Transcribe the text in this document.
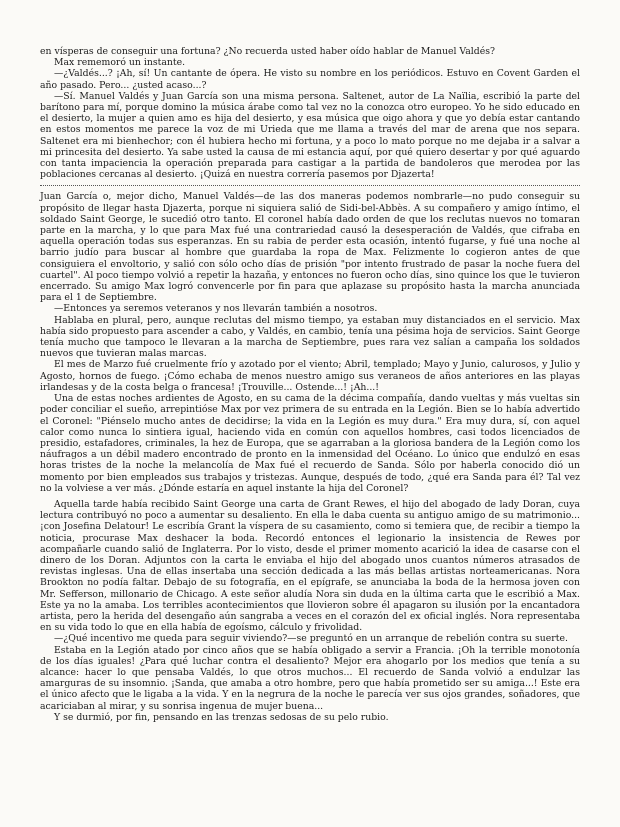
en vísperas de conseguir una fortuna? ¿No recuerda usted haber oído hablar de Manuel Valdés?

Max rememoró un instante.

—¿Valdés...? ¡Ah, sí! Un cantante de ópera. He visto su nombre en los periódicos. Estuvo en Covent Garden el año pasado. Pero... ¿usted acaso...?

—Sí. Manuel Valdés y Juan García son una misma persona. Saltenet, autor de La Naïlia, escribió la parte del barítono para mí, porque domino la música árabe como tal vez no la conozca otro europeo. Yo he sido educado en el desierto, la mujer a quien amo es hija del desierto, y esa música que oigo ahora y que yo debía estar cantando en estos momentos me parece la voz de mi Urieda que me llama a través del mar de arena que nos separa. Saltenet era mi bienhechor; con él hubiera hecho mi fortuna, y a poco lo mato porque no me dejaba ir a salvar a mi princesita del desierto. Ya sabe usted la causa de mi estancia aquí, por qué quiero desertar y por qué aguardo con tanta impaciencia la operación preparada para castigar a la partida de bandoleros que merodea por las poblaciones cercanas al desierto. ¡Quizá en nuestra correría pasemos por Djazerta!

Juan García o, mejor dicho, Manuel Valdés—de las dos maneras podemos nombrarle—no pudo conseguir su propósito de llegar hasta Djazerta, porque ni siquiera salió de Sidi-bel-Abbès. A su compañero y amigo íntimo, el soldado Saint George, le sucedió otro tanto. El coronel había dado orden de que los reclutas nuevos no tomaran parte en la marcha, y lo que para Max fué una contrariedad causó la desesperación de Valdés, que cifraba en aquella operación todas sus esperanzas. En su rabia de perder esta ocasión, intentó fugarse, y fué una noche al barrio judío para buscar al hombre que guardaba la ropa de Max. Felizmente lo cogieron antes de que consiguiera el envoltorio, y salió con sólo ocho días de prisión "por intento frustrado de pasar la noche fuera del cuartel". Al poco tiempo volvió a repetir la hazaña, y entonces no fueron ocho días, sino quince los que le tuvieron encerrado. Su amigo Max logró convencerle por fin para que aplazase su propósito hasta la marcha anunciada para el 1 de Septiembre.

—Entonces ya seremos veteranos y nos llevarán también a nosotros.

Hablaba en plural, pero, aunque reclutas del mismo tiempo, ya estaban muy distanciados en el servicio. Max había sido propuesto para ascender a cabo, y Valdés, en cambio, tenía una pésima hoja de servicios. Saint George tenía mucho que tampoco le llevaran a la marcha de Septiembre, pues rara vez salían a campaña los soldados nuevos que tuvieran malas marcas.

El mes de Marzo fué cruelmente frío y azotado por el viento; Abril, templado; Mayo y Junio, calurosos, y Julio y Agosto, hornos de fuego. ¡Cómo echaba de menos nuestro amigo sus veraneos de años anteriores en las playas irlandesas y de la costa belga o francesa! ¡Trouville... Ostende...! ¡Ah...!

Una de estas noches ardientes de Agosto, en su cama de la décima compañía, dando vueltas y más vueltas sin poder conciliar el sueño, arrepintióse Max por vez primera de su entrada en la Legión. Bien se lo había advertido el Coronel: "Piénselo mucho antes de decidirse; la vida en la Legión es muy dura." Era muy dura, sí, con aquel calor como nunca lo sintiera igual, haciendo vida en común con aquellos hombres, casi todos licenciados de presidio, estafadores, criminales, la hez de Europa, que se agarraban a la gloriosa bandera de la Legión como los náufragos a un débil madero encontrado de pronto en la inmensidad del Océano. Lo único que endulzó en esas horas tristes de la noche la melancolía de Max fué el recuerdo de Sanda. Sólo por haberla conocido dió un momento por bien empleados sus trabajos y tristezas. Aunque, después de todo, ¿qué era Sanda para él? Tal vez no la volviese a ver más. ¿Dónde estaría en aquel instante la hija del Coronel?

Aquella tarde había recibido Saint George una carta de Grant Rewes, el hijo del abogado de lady Doran, cuya lectura contribuyó no poco a aumentar su desaliento. En ella le daba cuenta su antiguo amigo de su matrimonio... ¡con Josefina Delatour! Le escribía Grant la víspera de su casamiento, como si temiera que, de recibir a tiempo la noticia, procurase Max deshacer la boda. Recordó entonces el legionario la insistencia de Rewes por acompañarle cuando salió de Inglaterra. Por lo visto, desde el primer momento acarició la idea de casarse con el dinero de los Doran. Adjuntos con la carta le enviaba el hijo del abogado unos cuantos números atrasados de revistas inglesas. Una de ellas insertaba una sección dedicada a las más bellas artistas norteamericanas. Nora Brookton no podía faltar. Debajo de su fotografía, en el epígrafe, se anunciaba la boda de la hermosa joven con Mr. Sefferson, millonario de Chicago. A este señor aludía Nora sin duda en la última carta que le escribió a Max. Este ya no la amaba. Los terribles acontecimientos que llovieron sobre él apagaron su ilusión por la encantadora artista, pero la herida del desengaño aún sangraba a veces en el corazón del ex oficial inglés. Nora representaba en su vida todo lo que en ella había de egoísmo, cálculo y frivolidad.

—¿Qué incentivo me queda para seguir viviendo?—se preguntó en un arranque de rebelión contra su suerte.

Estaba en la Legión atado por cinco años que se había obligado a servir a Francia. ¡Oh la terrible monotonía de los días iguales! ¿Para qué luchar contra el desaliento? Mejor era ahogarlo por los medios que tenía a su alcance: hacer lo que pensaba Valdés, lo que otros muchos... El recuerdo de Sanda volvió a endulzar las amarguras de su insomnio. ¡Sanda, que amaba a otro hombre, pero que había prometido ser su amiga...! Este era el único afecto que le ligaba a la vida. Y en la negrura de la noche le parecía ver sus ojos grandes, soñadores, que acariciaban al mirar, y su sonrisa ingenua de mujer buena...

Y se durmió, por fin, pensando en las trenzas sedosas de su pelo rubio.
